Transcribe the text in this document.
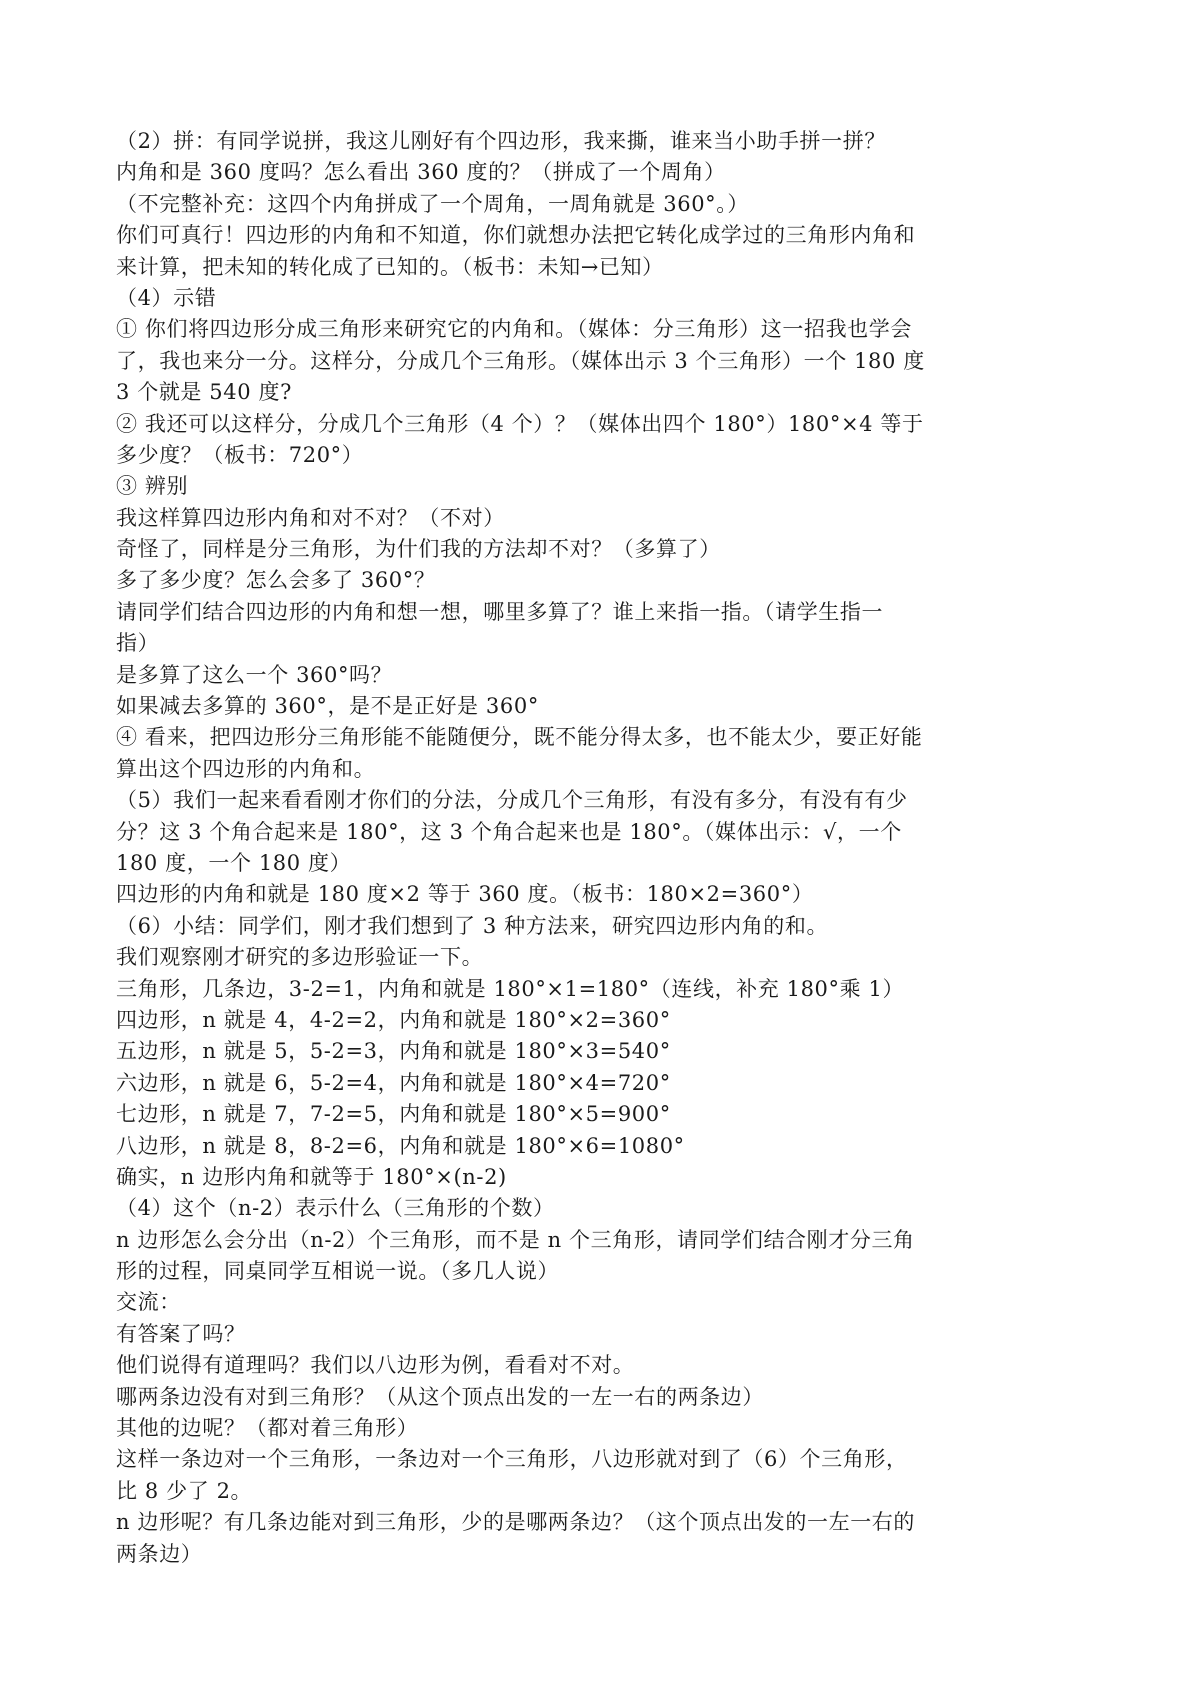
（2）拼：有同学说拼，我这儿刚好有个四边形，我来撕，谁来当小助手拼一拼？

内角和是 360 度吗？怎么看出 360 度的？（拼成了一个周角）

（不完整补充：这四个内角拼成了一个周角，一周角就是 360°。）

你们可真行！四边形的内角和不知道，你们就想办法把它转化成学过的三角形内角和

来计算，把未知的转化成了已知的。（板书：未知→已知）

（4）示错

① 你们将四边形分成三角形来研究它的内角和。（媒体：分三角形）这一招我也学会

了，我也来分一分。这样分，分成几个三角形。（媒体出示 3 个三角形）一个 180 度

3 个就是 540 度?

② 我还可以这样分，分成几个三角形（4 个）？（媒体出四个 180°）180°×4 等于

多少度？（板书：720°）

③ 辨别

我这样算四边形内角和对不对？（不对）

奇怪了，同样是分三角形，为什们我的方法却不对？（多算了）

多了多少度？怎么会多了 360°？

请同学们结合四边形的内角和想一想，哪里多算了？谁上来指一指。（请学生指一

指）

是多算了这么一个 360°吗？

如果减去多算的 360°，是不是正好是 360°

④ 看来，把四边形分三角形能不能随便分，既不能分得太多，也不能太少，要正好能

算出这个四边形的内角和。

（5）我们一起来看看刚才你们的分法，分成几个三角形，有没有多分，有没有有少

分？这 3 个角合起来是 180°，这 3 个角合起来也是 180°。（媒体出示：√，一个

180 度，一个 180 度）

四边形的内角和就是 180 度×2 等于 360 度。（板书：180×2=360°）

（6）小结：同学们，刚才我们想到了 3 种方法来，研究四边形内角的和。

我们观察刚才研究的多边形验证一下。

三角形，几条边，3-2=1，内角和就是 180°×1=180°（连线，补充 180°乘 1）

四边形，n 就是 4，4-2=2，内角和就是 180°×2=360°

五边形，n 就是 5，5-2=3，内角和就是 180°×3=540°

六边形，n 就是 6，5-2=4，内角和就是 180°×4=720°

七边形，n 就是 7，7-2=5，内角和就是 180°×5=900°

八边形，n 就是 8，8-2=6，内角和就是 180°×6=1080°

确实，n 边形内角和就等于 180°×(n-2)

（4）这个（n-2）表示什么（三角形的个数）

n 边形怎么会分出（n-2）个三角形，而不是 n 个三角形，请同学们结合刚才分三角

形的过程，同桌同学互相说一说。（多几人说）

交流：

有答案了吗？

他们说得有道理吗？我们以八边形为例，看看对不对。

哪两条边没有对到三角形？（从这个顶点出发的一左一右的两条边）

其他的边呢？（都对着三角形）

这样一条边对一个三角形，一条边对一个三角形，八边形就对到了（6）个三角形，

比 8 少了 2。

n 边形呢？有几条边能对到三角形，少的是哪两条边？（这个顶点出发的一左一右的

两条边）
